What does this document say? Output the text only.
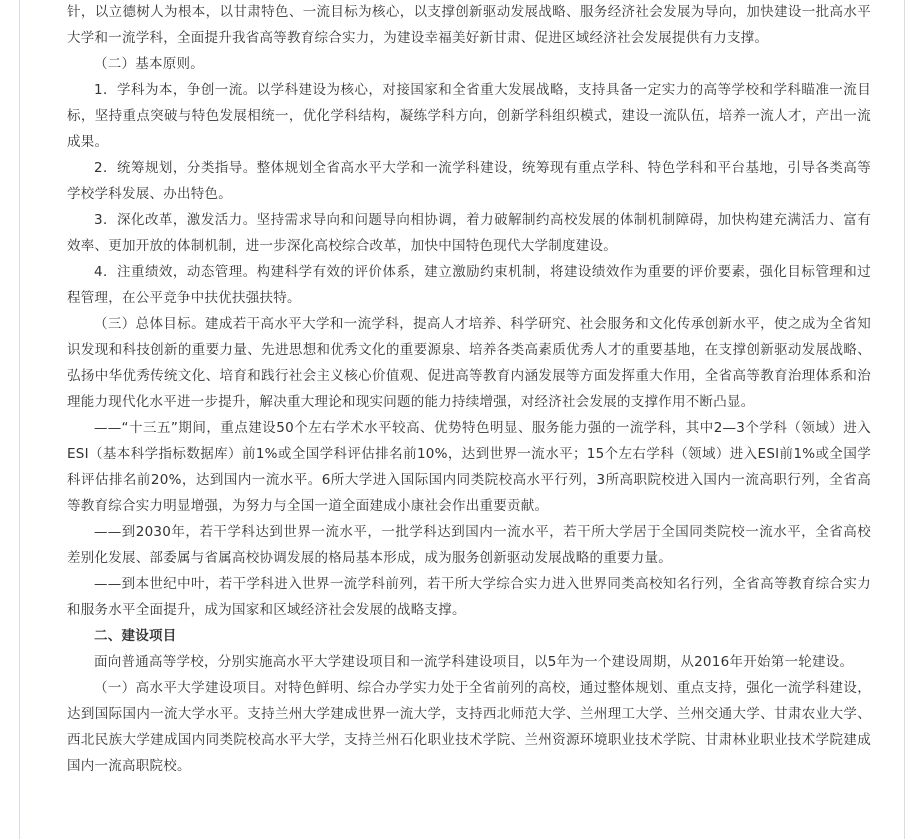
针，以立德树人为根本，以甘肃特色、一流目标为核心，以支撑创新驱动发展战略、服务经济社会发展为导向，加快建设一批高水平大学和一流学科，全面提升我省高等教育综合实力，为建设幸福美好新甘肃、促进区域经济社会发展提供有力支撑。

（二）基本原则。

1．学科为本，争创一流。以学科建设为核心，对接国家和全省重大发展战略，支持具备一定实力的高等学校和学科瞄准一流目标，坚持重点突破与特色发展相统一，优化学科结构，凝练学科方向，创新学科组织模式，建设一流队伍，培养一流人才，产出一流成果。

2．统筹规划，分类指导。整体规划全省高水平大学和一流学科建设，统筹现有重点学科、特色学科和平台基地，引导各类高等学校学科发展、办出特色。

3．深化改革，激发活力。坚持需求导向和问题导向相协调，着力破解制约高校发展的体制机制障碍，加快构建充满活力、富有效率、更加开放的体制机制，进一步深化高校综合改革，加快中国特色现代大学制度建设。

4．注重绩效，动态管理。构建科学有效的评价体系，建立激励约束机制，将建设绩效作为重要的评价要素，强化目标管理和过程管理，在公平竞争中扶优扶强扶特。

（三）总体目标。建成若干高水平大学和一流学科，提高人才培养、科学研究、社会服务和文化传承创新水平，使之成为全省知识发现和科技创新的重要力量、先进思想和优秀文化的重要源泉、培养各类高素质优秀人才的重要基地，在支撑创新驱动发展战略、弘扬中华优秀传统文化、培育和践行社会主义核心价值观、促进高等教育内涵发展等方面发挥重大作用，全省高等教育治理体系和治理能力现代化水平进一步提升，解决重大理论和现实问题的能力持续增强，对经济社会发展的支撑作用不断凸显。

——“十三五”期间，重点建设50个左右学术水平较高、优势特色明显、服务能力强的一流学科，其中2—3个学科（领域）进入ESI（基本科学指标数据库）前1%或全国学科评估排名前10%，达到世界一流水平；15个左右学科（领域）进入ESI前1%或全国学科评估排名前20%，达到国内一流水平。6所大学进入国际国内同类院校高水平行列，3所高职院校进入国内一流高职行列，全省高等教育综合实力明显增强，为努力与全国一道全面建成小康社会作出重要贡献。

——到2030年，若干学科达到世界一流水平，一批学科达到国内一流水平，若干所大学居于全国同类院校一流水平，全省高校差别化发展、部委属与省属高校协调发展的格局基本形成，成为服务创新驱动发展战略的重要力量。

——到本世纪中叶，若干学科进入世界一流学科前列，若干所大学综合实力进入世界同类高校知名行列，全省高等教育综合实力和服务水平全面提升，成为国家和区域经济社会发展的战略支撑。

二、建设项目

面向普通高等学校，分别实施高水平大学建设项目和一流学科建设项目，以5年为一个建设周期，从2016年开始第一轮建设。

（一）高水平大学建设项目。对特色鲜明、综合办学实力处于全省前列的高校，通过整体规划、重点支持，强化一流学科建设，达到国际国内一流大学水平。支持兰州大学建成世界一流大学，支持西北师范大学、兰州理工大学、兰州交通大学、甘肃农业大学、西北民族大学建成国内同类院校高水平大学，支持兰州石化职业技术学院、兰州资源环境职业技术学院、甘肃林业职业技术学院建成国内一流高职院校。
